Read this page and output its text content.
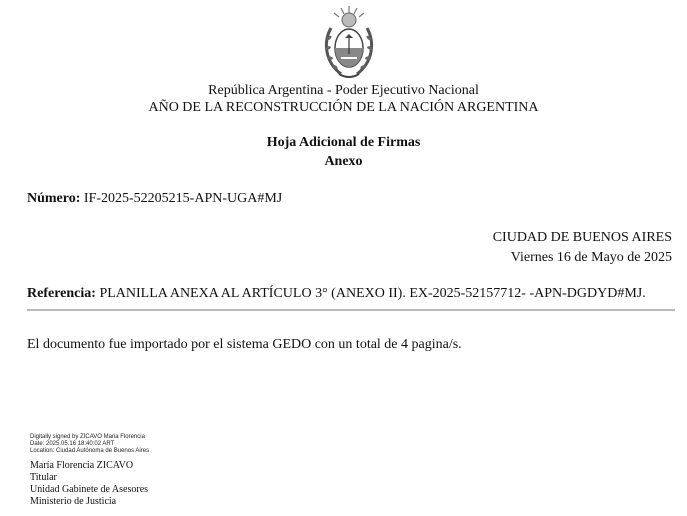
República Argentina - Poder Ejecutivo Nacional
AÑO DE LA RECONSTRUCCIÓN DE LA NACIÓN ARGENTINA
Hoja Adicional de Firmas
Anexo
Número: IF-2025-52205215-APN-UGA#MJ
CIUDAD DE BUENOS AIRES
Viernes 16 de Mayo de 2025
Referencia: PLANILLA ANEXA AL ARTÍCULO 3° (ANEXO II). EX-2025-52157712- -APN-DGDYD#MJ.
El documento fue importado por el sistema GEDO con un total de 4 pagina/s.
Digitally signed by ZICAVO Maria Florencia
Date: 2025.05.16 18:40:02 ART
Location: Ciudad Autónoma de Buenos Aires
María Florencia ZICAVO
Titular
Unidad Gabinete de Asesores
Ministerio de Justicia
